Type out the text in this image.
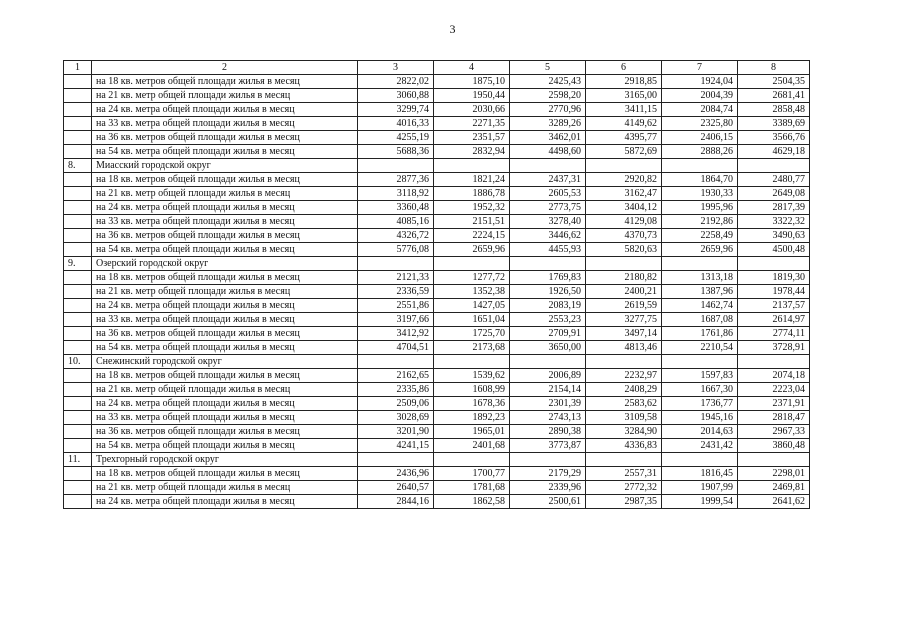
3
1	2	3	4	5	6	7	8
	на 18 кв. метров общей площади жилья в месяц	2822,02	1875,10	2425,43	2918,85	1924,04	2504,35
	на 21 кв. метр общей площади жилья в месяц	3060,88	1950,44	2598,20	3165,00	2004,39	2681,41
	на 24 кв. метра общей площади жилья в месяц	3299,74	2030,66	2770,96	3411,15	2084,74	2858,48
	на 33 кв. метра общей площади жилья в месяц	4016,33	2271,35	3289,26	4149,62	2325,80	3389,69
	на 36 кв. метров общей площади жилья в месяц	4255,19	2351,57	3462,01	4395,77	2406,15	3566,76
	на 54 кв. метра общей площади жилья в месяц	5688,36	2832,94	4498,60	5872,69	2888,26	4629,18
8.	Миасский городской округ						
	на 18 кв. метров общей площади жилья в месяц	2877,36	1821,24	2437,31	2920,82	1864,70	2480,77
	на 21 кв. метр общей площади жилья в месяц	3118,92	1886,78	2605,53	3162,47	1930,33	2649,08
	на 24 кв. метра общей площади жилья в месяц	3360,48	1952,32	2773,75	3404,12	1995,96	2817,39
	на 33 кв. метра общей площади жилья в месяц	4085,16	2151,51	3278,40	4129,08	2192,86	3322,32
	на 36 кв. метров общей площади жилья в месяц	4326,72	2224,15	3446,62	4370,73	2258,49	3490,63
	на 54 кв. метра общей площади жилья в месяц	5776,08	2659,96	4455,93	5820,63	2659,96	4500,48
9.	Озерский городской округ						
	на 18 кв. метров общей площади жилья в месяц	2121,33	1277,72	1769,83	2180,82	1313,18	1819,30
	на 21 кв. метр общей площади жилья в месяц	2336,59	1352,38	1926,50	2400,21	1387,96	1978,44
	на 24 кв. метра общей площади жилья в месяц	2551,86	1427,05	2083,19	2619,59	1462,74	2137,57
	на 33 кв. метра общей площади жилья в месяц	3197,66	1651,04	2553,23	3277,75	1687,08	2614,97
	на 36 кв. метров общей площади жилья в месяц	3412,92	1725,70	2709,91	3497,14	1761,86	2774,11
	на 54 кв. метра общей площади жилья в месяц	4704,51	2173,68	3650,00	4813,46	2210,54	3728,91
10.	Снежинский городской округ						
	на 18 кв. метров общей площади жилья в месяц	2162,65	1539,62	2006,89	2232,97	1597,83	2074,18
	на 21 кв. метр общей площади жилья в месяц	2335,86	1608,99	2154,14	2408,29	1667,30	2223,04
	на 24 кв. метра общей площади жилья в месяц	2509,06	1678,36	2301,39	2583,62	1736,77	2371,91
	на 33 кв. метра общей площади жилья в месяц	3028,69	1892,23	2743,13	3109,58	1945,16	2818,47
	на 36 кв. метров общей площади жилья в месяц	3201,90	1965,01	2890,38	3284,90	2014,63	2967,33
	на 54 кв. метра общей площади жилья в месяц	4241,15	2401,68	3773,87	4336,83	2431,42	3860,48
11.	Трехгорный городской округ						
	на 18 кв. метров общей площади жилья в месяц	2436,96	1700,77	2179,29	2557,31	1816,45	2298,01
	на 21 кв. метр общей площади жилья в месяц	2640,57	1781,68	2339,96	2772,32	1907,99	2469,81
	на 24 кв. метра общей площади жилья в месяц	2844,16	1862,58	2500,61	2987,35	1999,54	2641,62
